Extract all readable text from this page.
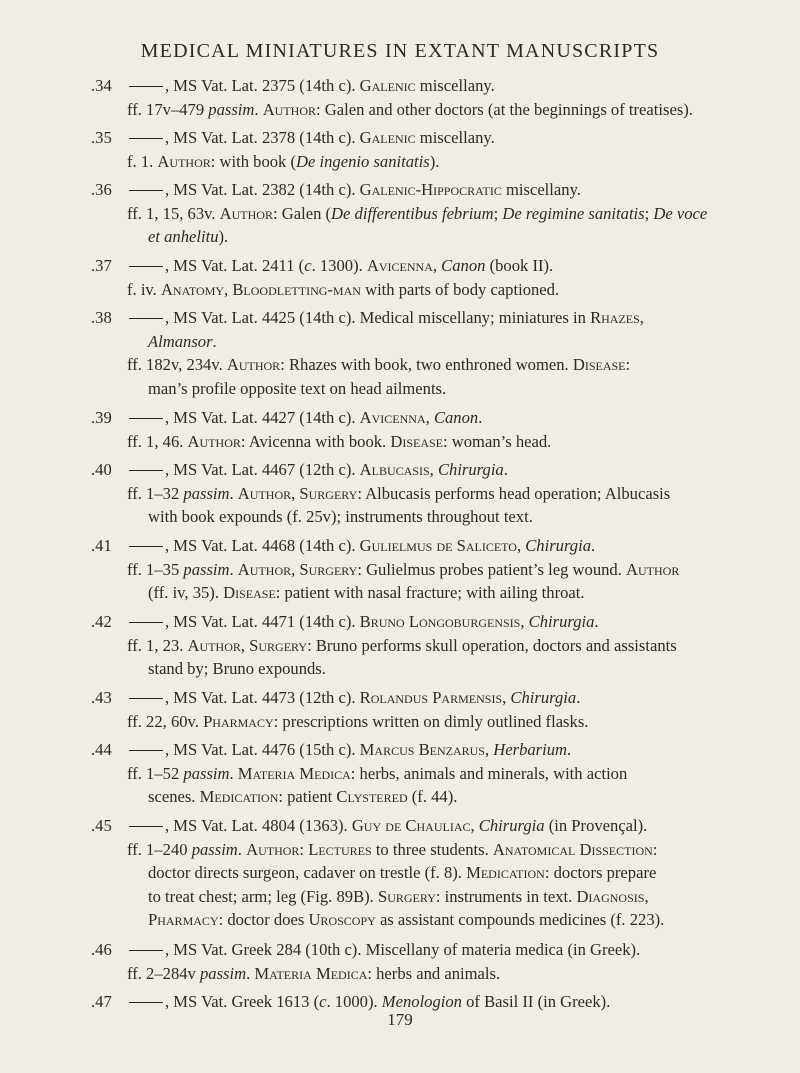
MEDICAL MINIATURES IN EXTANT MANUSCRIPTS
.34	, MS Vat. Lat. 2375 (14th c). Galenic miscellany.
ff. 17v–479 passim. Author: Galen and other doctors (at the beginnings of treatises).
.35	, MS Vat. Lat. 2378 (14th c). Galenic miscellany.
f. 1. Author: with book (De ingenio sanitatis).
.36	, MS Vat. Lat. 2382 (14th c). Galenic-Hippocratic miscellany.
ff. 1, 15, 63v. Author: Galen (De differentibus febrium; De regimine sanitatis; De voce
et anhelitu).
.37	, MS Vat. Lat. 2411 (c. 1300). Avicenna, Canon (book II).
f. iv. Anatomy, Bloodletting-man with parts of body captioned.
.38	, MS Vat. Lat. 4425 (14th c). Medical miscellany; miniatures in Rhazes,
Almansor.
ff. 182v, 234v. Author: Rhazes with book, two enthroned women. Disease:
man’s profile opposite text on head ailments.
.39	, MS Vat. Lat. 4427 (14th c). Avicenna, Canon.
ff. 1, 46. Author: Avicenna with book. Disease: woman’s head.
.40	, MS Vat. Lat. 4467 (12th c). Albucasis, Chirurgia.
ff. 1–32 passim. Author, Surgery: Albucasis performs head operation; Albucasis
with book expounds (f. 25v); instruments throughout text.
.41	, MS Vat. Lat. 4468 (14th c). Gulielmus de Saliceto, Chirurgia.
ff. 1–35 passim. Author, Surgery: Gulielmus probes patient’s leg wound. Author
(ff. iv, 35). Disease: patient with nasal fracture; with ailing throat.
.42	, MS Vat. Lat. 4471 (14th c). Bruno Longoburgensis, Chirurgia.
ff. 1, 23. Author, Surgery: Bruno performs skull operation, doctors and assistants
stand by; Bruno expounds.
.43	, MS Vat. Lat. 4473 (12th c). Rolandus Parmensis, Chirurgia.
ff. 22, 60v. Pharmacy: prescriptions written on dimly outlined flasks.
.44	, MS Vat. Lat. 4476 (15th c). Marcus Benzarus, Herbarium.
ff. 1–52 passim. Materia Medica: herbs, animals and minerals, with action
scenes. Medication: patient Clystered (f. 44).
.45	, MS Vat. Lat. 4804 (1363). Guy de Chauliac, Chirurgia (in Provençal).
ff. 1–240 passim. Author: Lectures to three students. Anatomical Dissection:
doctor directs surgeon, cadaver on trestle (f. 8). Medication: doctors prepare
to treat chest; arm; leg (Fig. 89B). Surgery: instruments in text. Diagnosis,
Pharmacy: doctor does Uroscopy as assistant compounds medicines (f. 223).
.46	, MS Vat. Greek 284 (10th c). Miscellany of materia medica (in Greek).
ff. 2–284v passim. Materia Medica: herbs and animals.
.47	, MS Vat. Greek 1613 (c. 1000). Menologion of Basil II (in Greek).
179
